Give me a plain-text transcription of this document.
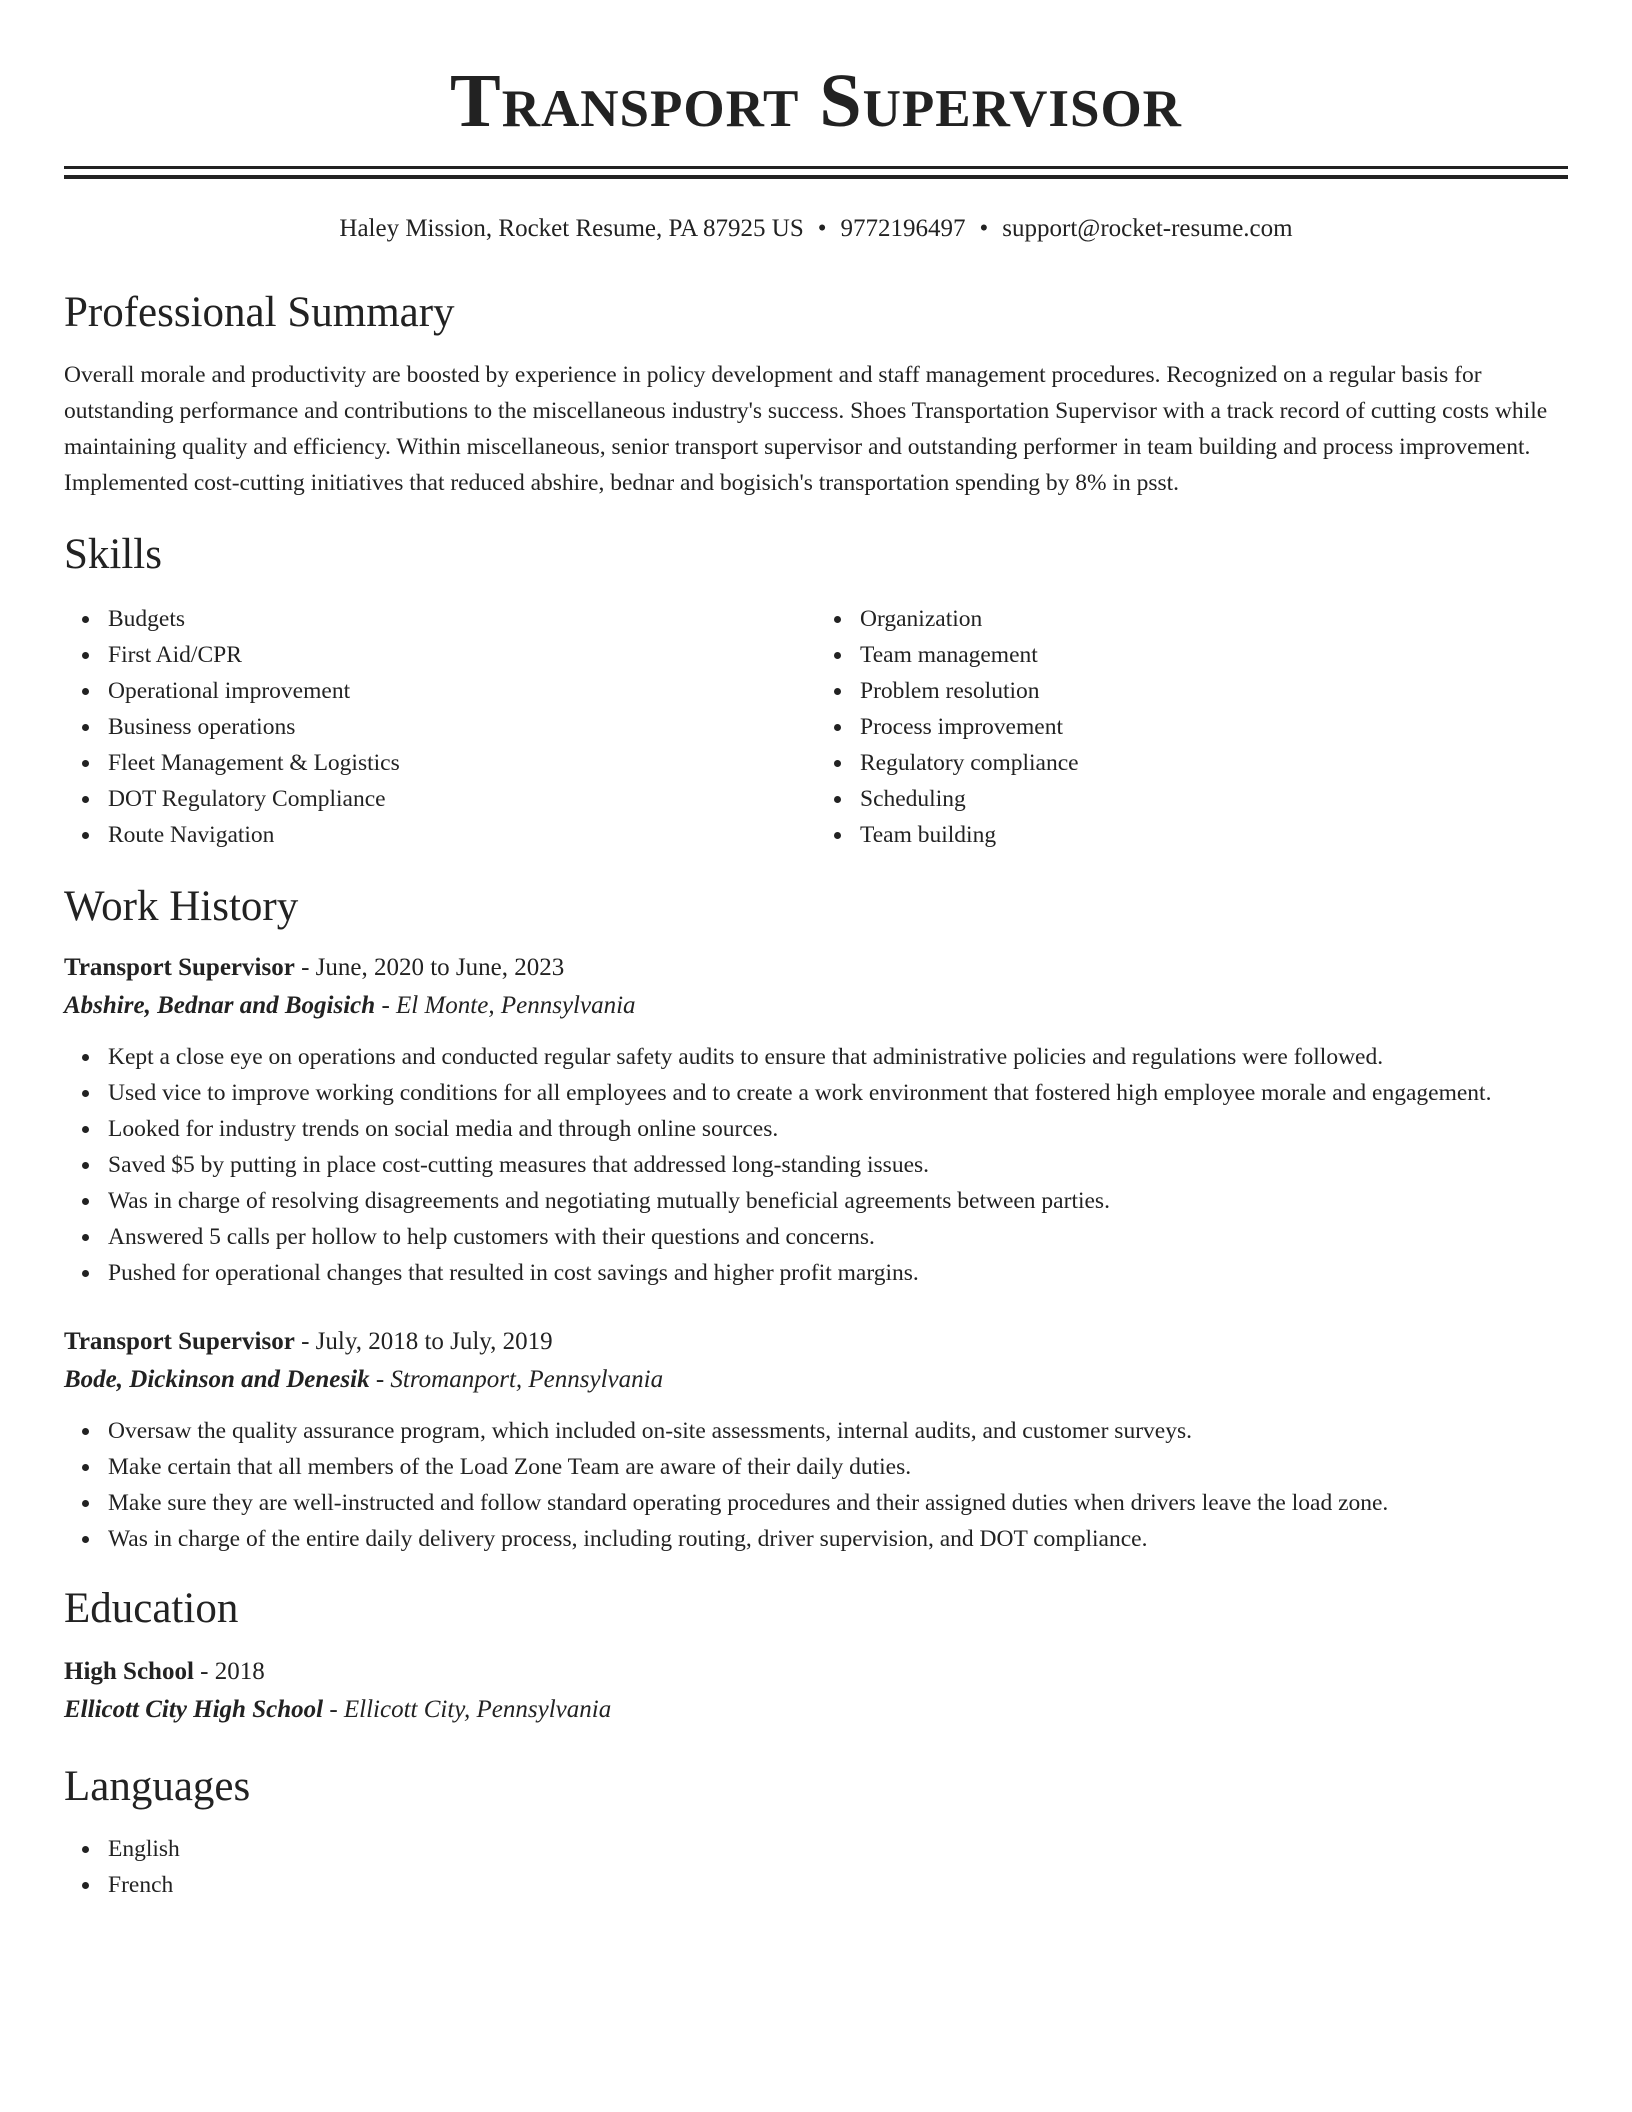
Transport Supervisor
Haley Mission, Rocket Resume, PA 87925 US • 9772196497 • support@rocket-resume.com
Professional Summary
Overall morale and productivity are boosted by experience in policy development and staff management procedures. Recognized on a regular basis for outstanding performance and contributions to the miscellaneous industry's success. Shoes Transportation Supervisor with a track record of cutting costs while maintaining quality and efficiency. Within miscellaneous, senior transport supervisor and outstanding performer in team building and process improvement. Implemented cost-cutting initiatives that reduced abshire, bednar and bogisich's transportation spending by 8% in psst.
Skills
Budgets
First Aid/CPR
Operational improvement
Business operations
Fleet Management & Logistics
DOT Regulatory Compliance
Route Navigation
Organization
Team management
Problem resolution
Process improvement
Regulatory compliance
Scheduling
Team building
Work History
Transport Supervisor - June, 2020 to June, 2023
Abshire, Bednar and Bogisich - El Monte, Pennsylvania
Kept a close eye on operations and conducted regular safety audits to ensure that administrative policies and regulations were followed.
Used vice to improve working conditions for all employees and to create a work environment that fostered high employee morale and engagement.
Looked for industry trends on social media and through online sources.
Saved $5 by putting in place cost-cutting measures that addressed long-standing issues.
Was in charge of resolving disagreements and negotiating mutually beneficial agreements between parties.
Answered 5 calls per hollow to help customers with their questions and concerns.
Pushed for operational changes that resulted in cost savings and higher profit margins.
Transport Supervisor - July, 2018 to July, 2019
Bode, Dickinson and Denesik - Stromanport, Pennsylvania
Oversaw the quality assurance program, which included on-site assessments, internal audits, and customer surveys.
Make certain that all members of the Load Zone Team are aware of their daily duties.
Make sure they are well-instructed and follow standard operating procedures and their assigned duties when drivers leave the load zone.
Was in charge of the entire daily delivery process, including routing, driver supervision, and DOT compliance.
Education
High School - 2018
Ellicott City High School - Ellicott City, Pennsylvania
Languages
English
French
